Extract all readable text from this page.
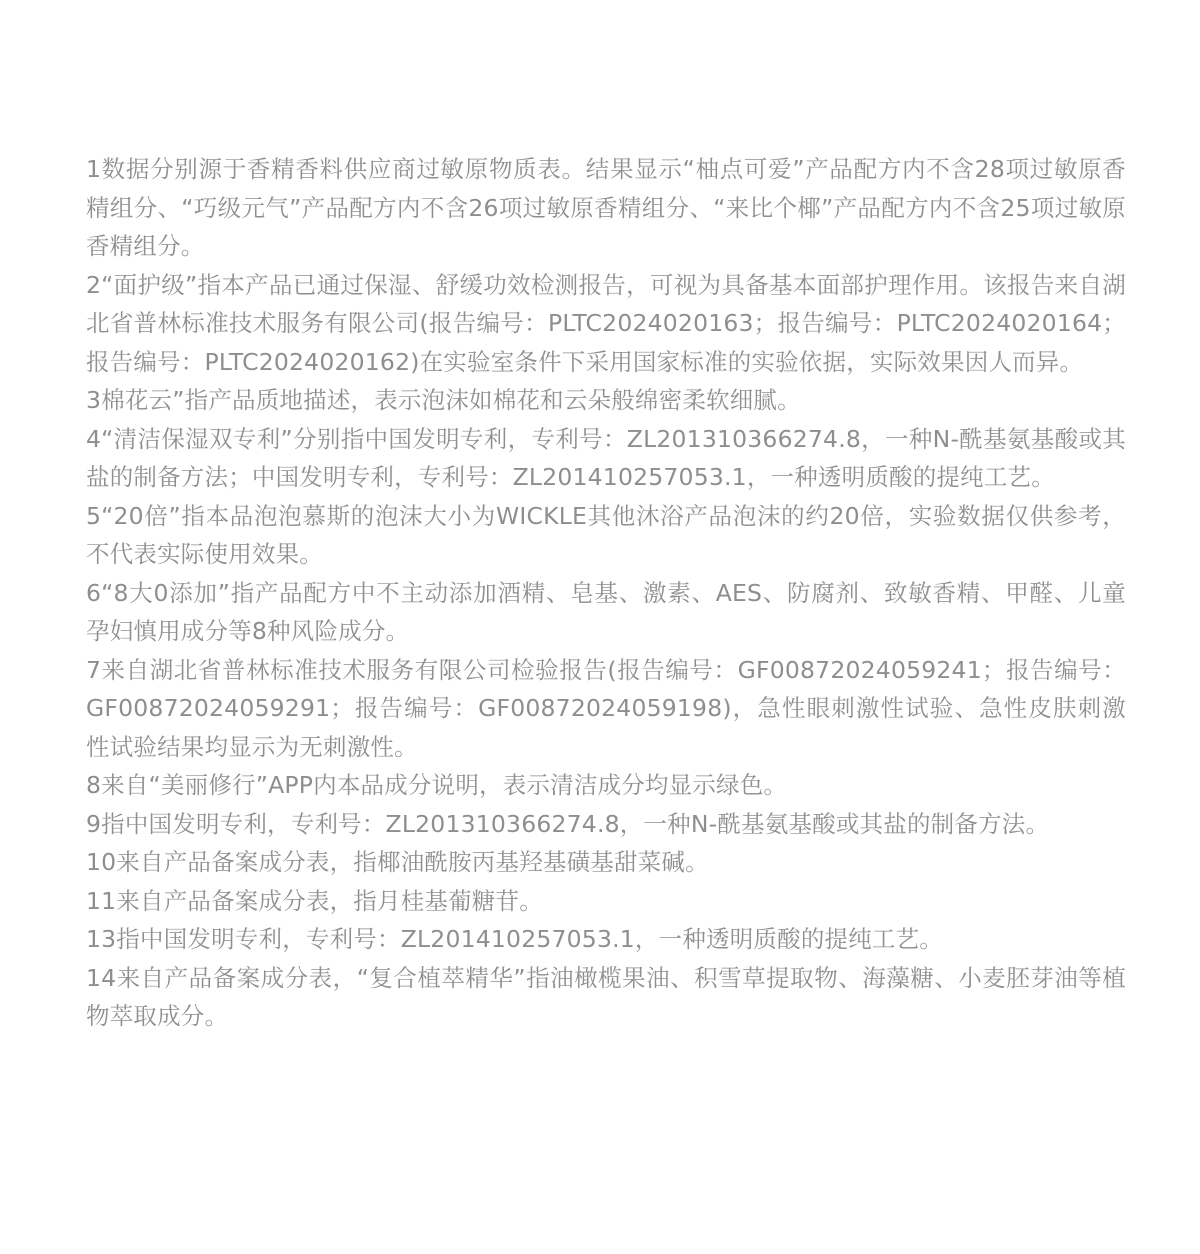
1数据分别源于香精香料供应商过敏原物质表。结果显示“柚点可爱”产品配方内不含28项过敏原香精组分、“巧级元气”产品配方内不含26项过敏原香精组分、“来比个椰”产品配方内不含25项过敏原香精组分。

2“面护级”指本产品已通过保湿、舒缓功效检测报告，可视为具备基本面部护理作用。该报告来自湖北省普林标准技术服务有限公司(报告编号：PLTC2024020163；报告编号：PLTC2024020164；报告编号：PLTC2024020162)在实验室条件下采用国家标准的实验依据，实际效果因人而异。

3棉花云”指产品质地描述，表示泡沫如棉花和云朵般绵密柔软细腻。

4“清洁保湿双专利”分别指中国发明专利，专利号：ZL201310366274.8，一种N-酰基氨基酸或其盐的制备方法；中国发明专利，专利号：ZL201410257053.1，一种透明质酸的提纯工艺。

5“20倍”指本品泡泡慕斯的泡沫大小为WICKLE其他沐浴产品泡沫的约20倍，实验数据仅供参考，不代表实际使用效果。

6“8大0添加”指产品配方中不主动添加酒精、皂基、激素、AES、防腐剂、致敏香精、甲醛、儿童孕妇慎用成分等8种风险成分。

7来自湖北省普林标准技术服务有限公司检验报告(报告编号：GF00872024059241；报告编号：GF00872024059291；报告编号：GF00872024059198)，急性眼刺激性试验、急性皮肤刺激性试验结果均显示为无刺激性。

8来自“美丽修行”APP内本品成分说明，表示清洁成分均显示绿色。

9指中国发明专利，专利号：ZL201310366274.8，一种N-酰基氨基酸或其盐的制备方法。

10来自产品备案成分表，指椰油酰胺丙基羟基磺基甜菜碱。

11来自产品备案成分表，指月桂基葡糖苷。

13指中国发明专利，专利号：ZL201410257053.1，一种透明质酸的提纯工艺。

14来自产品备案成分表，“复合植萃精华”指油橄榄果油、积雪草提取物、海藻糖、小麦胚芽油等植物萃取成分。
